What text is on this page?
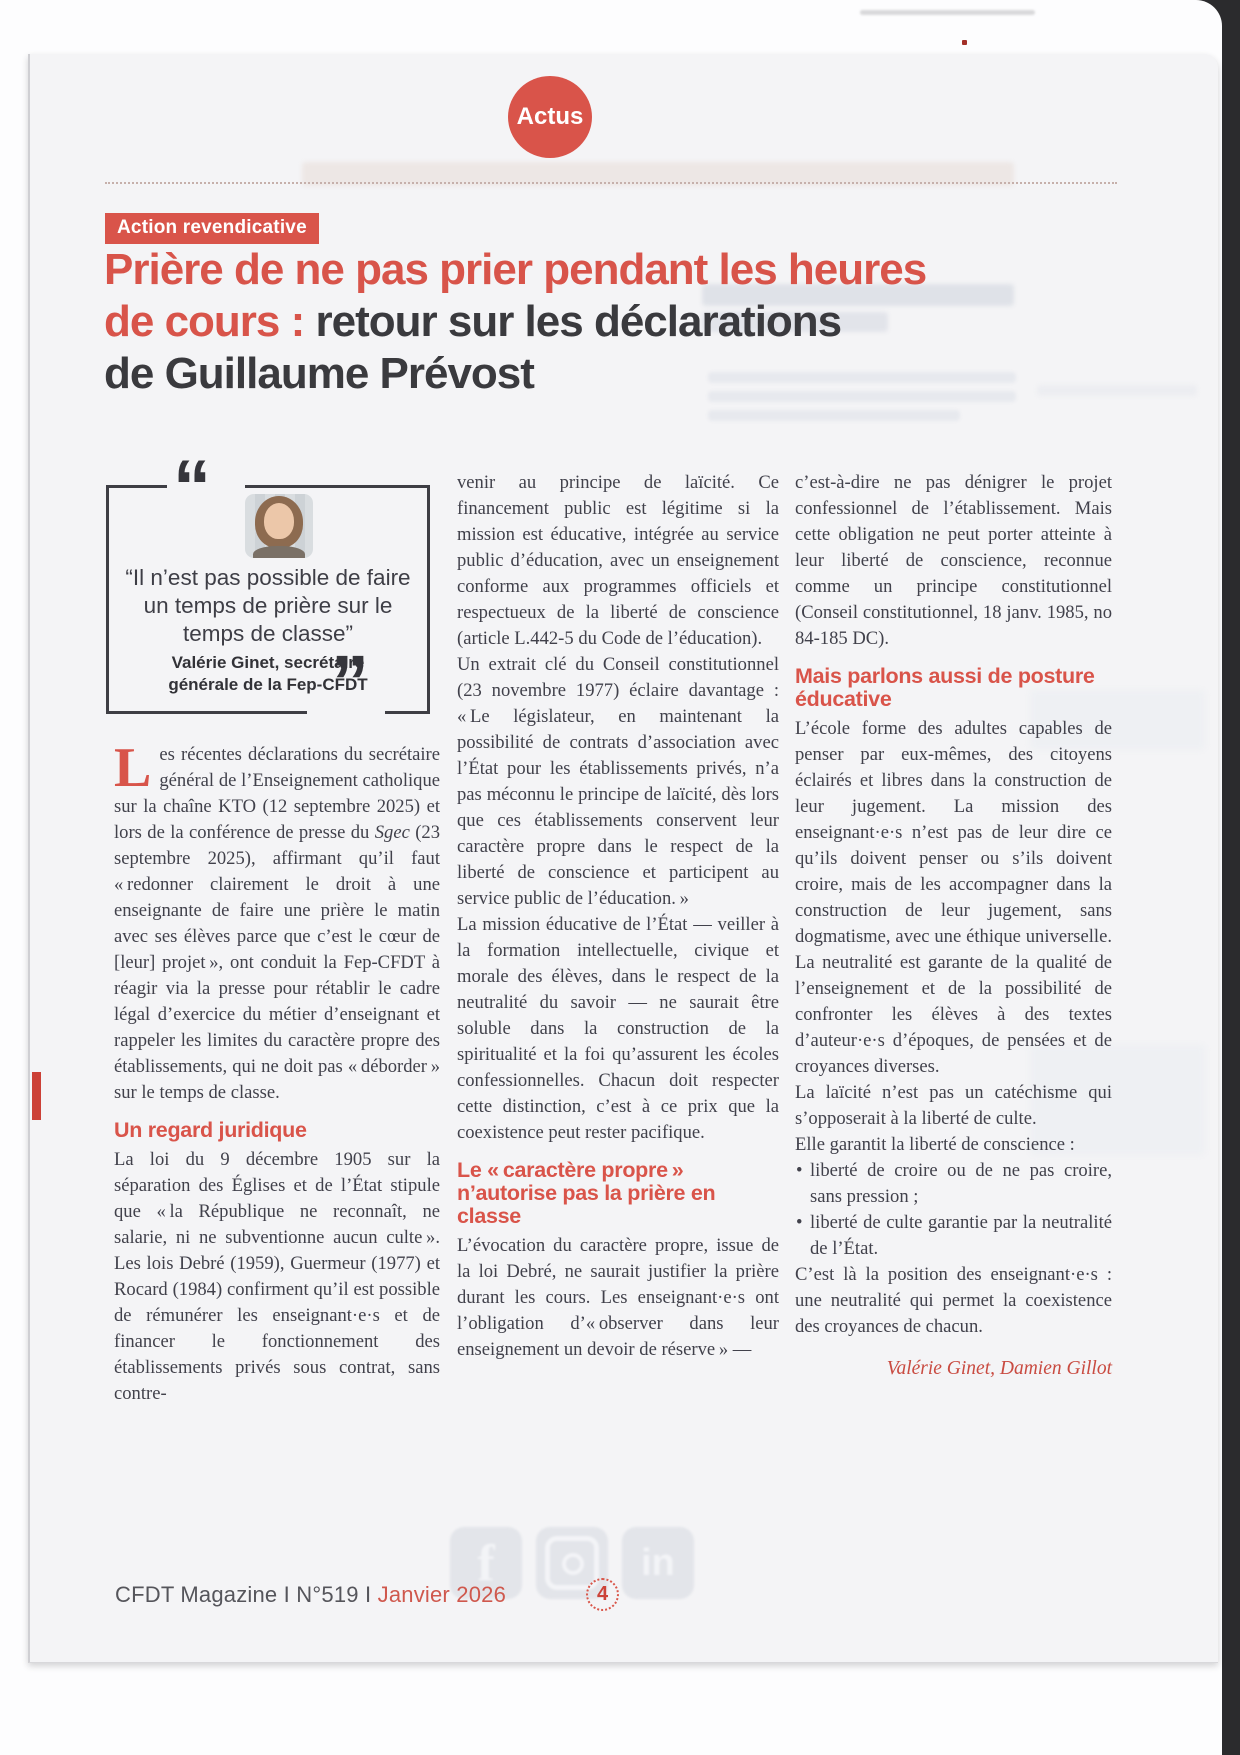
f	in
Actus
Action revendicative
Prière de ne pas prier pendant les heures
de cours : retour sur les déclarations
de Guillaume Prévost
“
”
“Il n’est pas possible de faire un temps de prière sur le temps de classe”
Valérie Ginet, secrétaire
générale de la Fep-CFDT

Les récentes déclarations du secrétaire général de l’Enseignement catholique sur la chaîne KTO (12 septembre 2025) et lors de la conférence de presse du Sgec (23 septembre 2025), affirmant qu’il faut « redonner clairement le droit à une enseignante de faire une prière le matin avec ses élèves parce que c’est le cœur de [leur] projet », ont conduit la Fep-CFDT à réagir via la presse pour rétablir le cadre légal d’exercice du métier d’enseignant et rappeler les limites du caractère propre des établissements, qui ne doit pas « déborder » sur le temps de classe.

Un regard juridique

La loi du 9 décembre 1905 sur la séparation des Églises et de l’État stipule que « la République ne reconnaît, ne salarie, ni ne subventionne aucun culte ». Les lois Debré (1959), Guermeur (1977) et Rocard (1984) confirment qu’il est possible de rémunérer les enseignant·e·s et de financer le fonctionnement des établissements privés sous contrat, sans contre-

venir au principe de laïcité. Ce financement public est légitime si la mission est éducative, intégrée au service public d’éducation, avec un enseignement conforme aux programmes officiels et respectueux de la liberté de conscience (article L.442-5 du Code de l’éducation).

Un extrait clé du Conseil constitutionnel (23 novembre 1977) éclaire davantage : « Le législateur, en maintenant la possibilité de contrats d’association avec l’État pour les établissements privés, n’a pas méconnu le principe de laïcité, dès lors que ces établissements conservent leur caractère propre dans le respect de la liberté de conscience et participent au service public de l’éducation. »

La mission éducative de l’État — veiller à la formation intellectuelle, civique et morale des élèves, dans le respect de la neutralité du savoir — ne saurait être soluble dans la construction de la spiritualité et la foi qu’assurent les écoles confessionnelles. Chacun doit respecter cette distinction, c’est à ce prix que la coexistence peut rester pacifique.

Le « caractère propre » n’autorise pas la prière en classe

L’évocation du caractère propre, issue de la loi Debré, ne saurait justifier la prière durant les cours. Les enseignant·e·s ont l’obligation d’« observer dans leur enseignement un devoir de réserve » —

c’est-à-dire ne pas dénigrer le projet confessionnel de l’établissement. Mais cette obligation ne peut porter atteinte à leur liberté de conscience, reconnue comme un principe constitutionnel (Conseil constitutionnel, 18 janv. 1985, no 84-185 DC).

Mais parlons aussi de posture éducative

L’école forme des adultes capables de penser par eux-mêmes, des citoyens éclairés et libres dans la construction de leur jugement. La mission des enseignant·e·s n’est pas de leur dire ce qu’ils doivent penser ou s’ils doivent croire, mais de les accompagner dans la construction de leur jugement, sans dogmatisme, avec une éthique universelle. La neutralité est garante de la qualité de l’enseignement et de la possibilité de confronter les élèves à des textes d’auteur·e·s d’époques, de pensées et de croyances diverses.

La laïcité n’est pas un catéchisme qui s’opposerait à la liberté de culte.

Elle garantit la liberté de conscience :

• liberté de croire ou de ne pas croire, sans pression ;
• liberté de culte garantie par la neutralité de l’État.

C’est là la position des enseignant·e·s : une neutralité qui permet la coexistence des croyances de chacun.

Valérie Ginet, Damien Gillot
CFDT Magazine I N°519 I Janvier 2026	4
